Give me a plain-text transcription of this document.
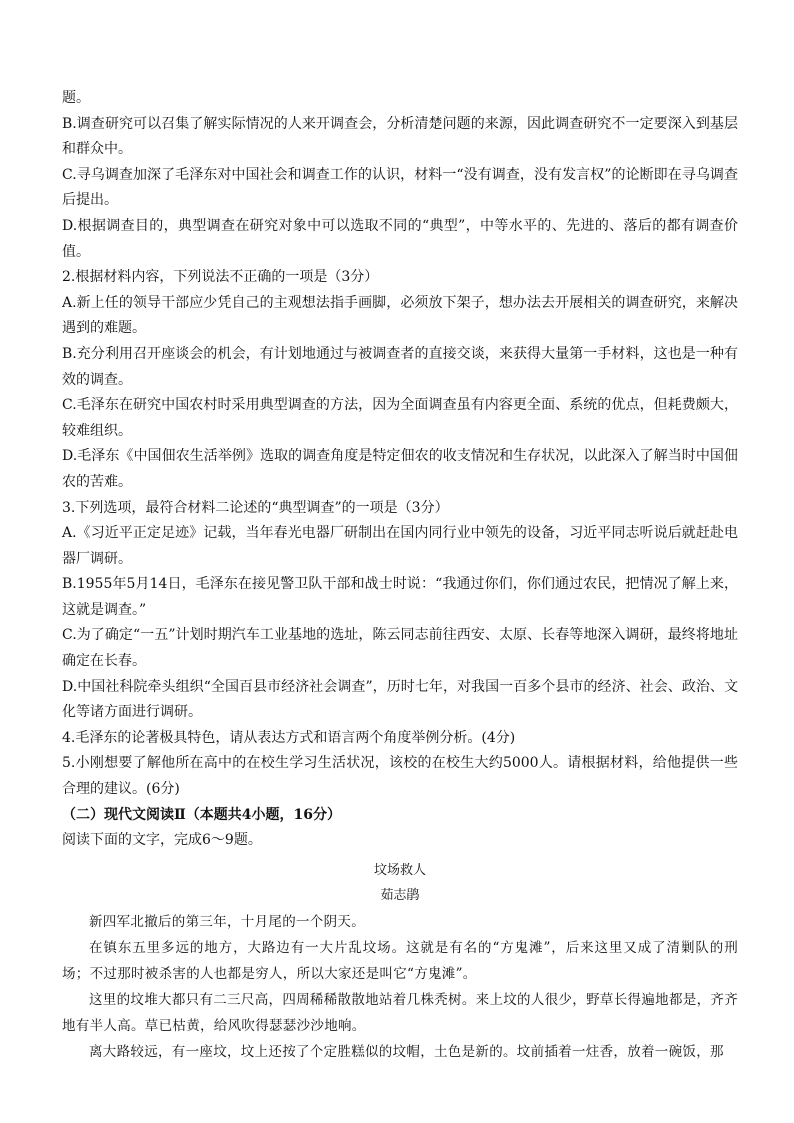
题。

B.调查研究可以召集了解实际情况的人来开调查会，分析清楚问题的来源，因此调查研究不一定要深入到基层和群众中。

C.寻乌调查加深了毛泽东对中国社会和调查工作的认识，材料一“没有调查，没有发言权”的论断即在寻乌调查后提出。

D.根据调查目的，典型调查在研究对象中可以选取不同的“典型”，中等水平的、先进的、落后的都有调查价值。

2.根据材料内容，下列说法不正确的一项是（3分）

A.新上任的领导干部应少凭自己的主观想法指手画脚，必须放下架子，想办法去开展相关的调查研究，来解决遇到的难题。

B.充分利用召开座谈会的机会，有计划地通过与被调查者的直接交谈，来获得大量第一手材料，这也是一种有效的调查。

C.毛泽东在研究中国农村时采用典型调查的方法，因为全面调查虽有内容更全面、系统的优点，但耗费颇大，较难组织。

D.毛泽东《中国佃农生活举例》选取的调查角度是特定佃农的收支情况和生存状况，以此深入了解当时中国佃农的苦难。

3.下列选项，最符合材料二论述的“典型调查”的一项是（3分）

A.《习近平正定足迹》记载，当年春光电器厂研制出在国内同行业中领先的设备，习近平同志听说后就赶赴电器厂调研。

B.1955年5月14日，毛泽东在接见警卫队干部和战士时说：“我通过你们，你们通过农民，把情况了解上来，这就是调查。”

C.为了确定“一五”计划时期汽车工业基地的选址，陈云同志前往西安、太原、长春等地深入调研，最终将地址确定在长春。

D.中国社科院牵头组织“全国百县市经济社会调查”，历时七年，对我国一百多个县市的经济、社会、政治、文化等诸方面进行调研。

4.毛泽东的论著极具特色，请从表达方式和语言两个角度举例分析。(4分)

5.小刚想要了解他所在高中的在校生学习生活状况，该校的在校生大约5000人。请根据材料，给他提供一些合理的建议。(6分)

（二）现代文阅读Ⅱ（本题共4小题，16分）

阅读下面的文字，完成6～9题。

坟场救人

茹志鹃

新四军北撤后的第三年，十月尾的一个阴天。

在镇东五里多远的地方，大路边有一大片乱坟场。这就是有名的“方鬼滩”，后来这里又成了清剿队的刑场；不过那时被杀害的人也都是穷人，所以大家还是叫它“方鬼滩”。

这里的坟堆大都只有二三尺高，四周稀稀散散地站着几株秃树。来上坟的人很少，野草长得遍地都是，齐齐地有半人高。草已枯黄，给风吹得瑟瑟沙沙地响。

离大路较远，有一座坟，坟上还按了个定胜糕似的坟帽，土色是新的。坟前插着一炷香，放着一碗饭，那
